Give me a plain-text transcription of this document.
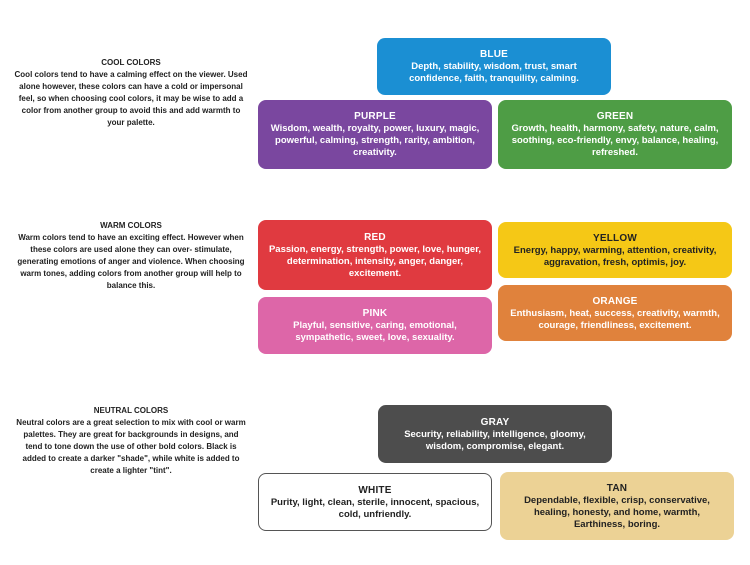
COOL COLORS
Cool colors tend to have a calming effect on the viewer. Used alone however, these colors can have a cold or impersonal feel, so when choosing cool colors, it may be wise to add a color from another group to avoid this and add warmth to your palette.
BLUE
Depth, stability, wisdom, trust, smart confidence, faith, tranquility, calming.
PURPLE
Wisdom, wealth, royalty, power, luxury, magic, powerful, calming, strength, rarity, ambition, creativity.
GREEN
Growth, health, harmony, safety, nature, calm, soothing, eco-friendly, envy, balance, healing, refreshed.
WARM COLORS
Warm colors tend to have an exciting effect. However when these colors are used alone they can over- stimulate, generating emotions of anger and violence. When choosing warm tones, adding colors from another group will help to balance this.
RED
Passion, energy, strength, power, love, hunger, determination, intensity, anger, danger, excitement.
YELLOW
Energy, happy, warming, attention, creativity, aggravation, fresh, optimis, joy.
PINK
Playful, sensitive, caring, emotional, sympathetic, sweet, love, sexuality.
ORANGE
Enthusiasm, heat, success, creativity, warmth, courage, friendliness, excitement.
NEUTRAL COLORS
Neutral colors are a great selection to mix with cool or warm palettes. They are great for backgrounds in designs, and tend to tone down the use of other bold colors. Black is added to create a darker "shade", while white is added to create a lighter "tint".
GRAY
Security, reliability, intelligence, gloomy, wisdom, compromise, elegant.
WHITE
Purity, light, clean, sterile, innocent, spacious, cold, unfriendly.
TAN
Dependable, flexible, crisp, conservative, healing, honesty, and home, warmth, Earthiness, boring.
